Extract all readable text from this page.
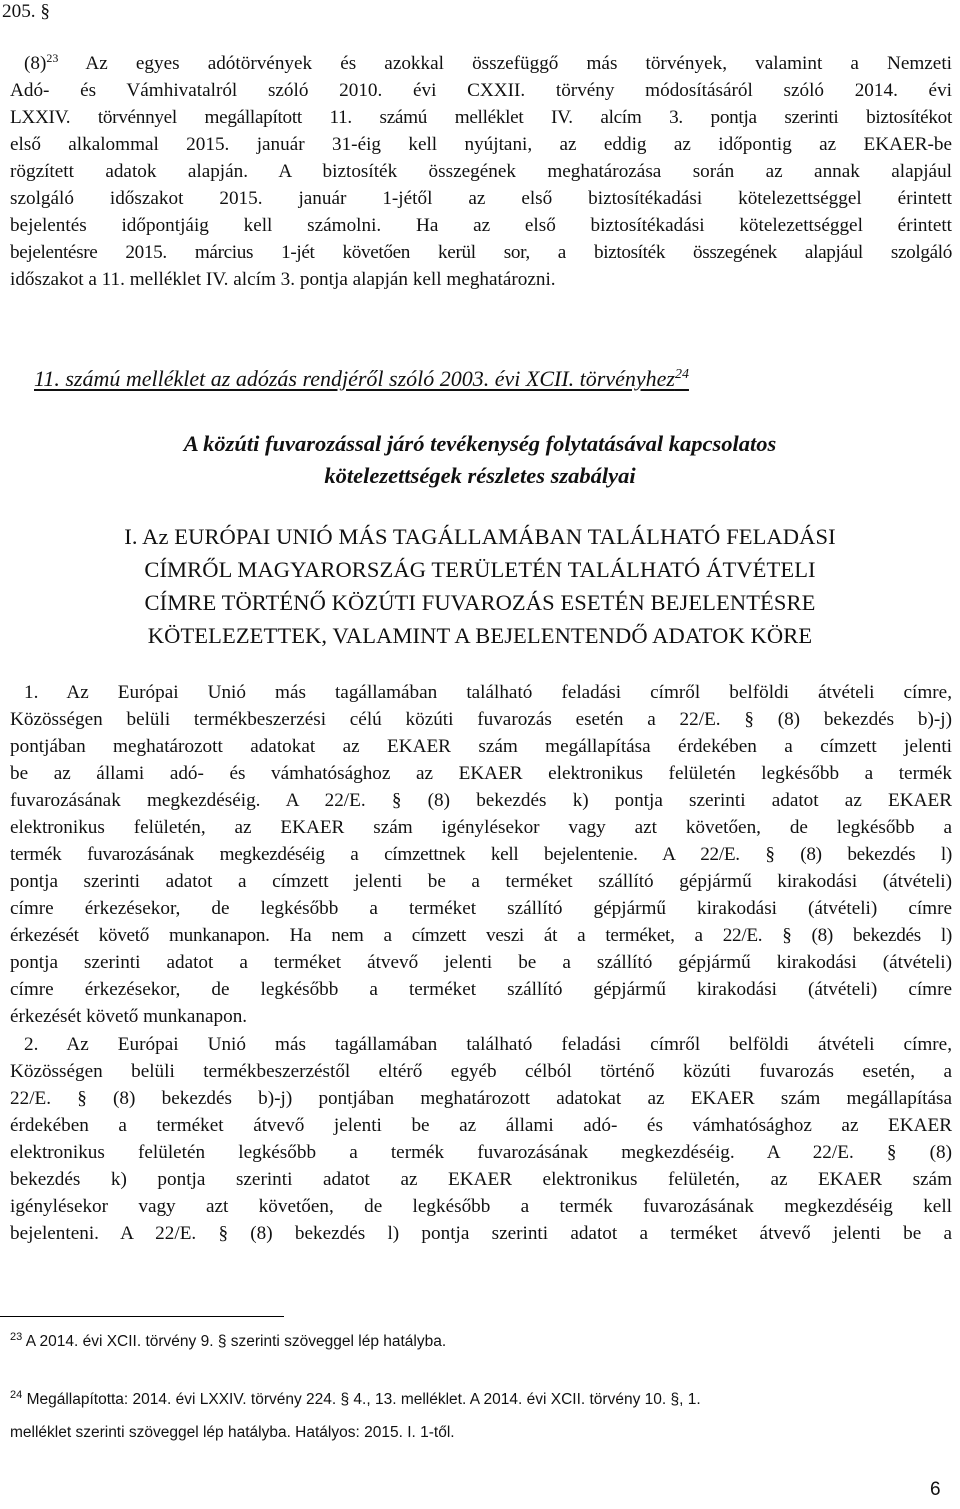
205. §
$(8)^{23}$ Az egyes adótörvények és azokkal összefüggő más törvények, valamint a Nemzeti
Adó- és Vámhivatalról szóló 2010. évi CXXII. törvény módosításáról szóló 2014. évi
LXXIV. törvénnyel megállapított 11. számú melléklet IV. alcím 3. pontja szerinti biztosítékot
első alkalommal 2015. január 31-éig kell nyújtani, az eddig az időpontig az EKAER-be
rögzített adatok alapján. A biztosíték összegének meghatározása során az annak alapjául
szolgáló időszakot 2015. január 1-jétől az első biztosítékadási kötelezettséggel érintett
bejelentés időpontjáig kell számolni. Ha az első biztosítékadási kötelezettséggel érintett
bejelentésre 2015. március 1-jét követően kerül sor, a biztosíték összegének alapjául szolgáló
időszakot a 11. melléklet IV. alcím 3. pontja alapján kell meghatározni.
11. számú melléklet az adózás rendjéről szóló 2003. évi XCII. törvényhez$^{24}$
A közúti fuvarozással járó tevékenység folytatásával kapcsolatos
kötelezettségek részletes szabályai
I. Az EURÓPAI UNIÓ MÁS TAGÁLLAMÁBAN TALÁLHATÓ FELADÁSI
CÍMRŐL MAGYARORSZÁG TERÜLETÉN TALÁLHATÓ ÁTVÉTELI
CÍMRE TÖRTÉNŐ KÖZÚTI FUVAROZÁS ESETÉN BEJELENTÉSRE
KÖTELEZETTEK, VALAMINT A BEJELENTENDŐ ADATOK KÖRE
1. Az Európai Unió más tagállamában található feladási címről belföldi átvételi címre,
Közösségen belüli termékbeszerzési célú közúti fuvarozás esetén a 22/E. § (8) bekezdés b)-j)
pontjában meghatározott adatokat az EKAER szám megállapítása érdekében a címzett jelenti
be az állami adó- és vámhatósághoz az EKAER elektronikus felületén legkésőbb a termék
fuvarozásának megkezdéséig. A 22/E. § (8) bekezdés k) pontja szerinti adatot az EKAER
elektronikus felületén, az EKAER szám igénylésekor vagy azt követően, de legkésőbb a
termék fuvarozásának megkezdéséig a címzettnek kell bejelentenie. A 22/E. § (8) bekezdés l)
pontja szerinti adatot a címzett jelenti be a terméket szállító gépjármű kirakodási (átvételi)
címre érkezésekor, de legkésőbb a terméket szállító gépjármű kirakodási (átvételi) címre
érkezését követő munkanapon. Ha nem a címzett veszi át a terméket, a 22/E. § (8) bekezdés l)
pontja szerinti adatot a terméket átvevő jelenti be a szállító gépjármű kirakodási (átvételi)
címre érkezésekor, de legkésőbb a terméket szállító gépjármű kirakodási (átvételi) címre
érkezését követő munkanapon.
2. Az Európai Unió más tagállamában található feladási címről belföldi átvételi címre,
Közösségen belüli termékbeszerzéstől eltérő egyéb célból történő közúti fuvarozás esetén, a
22/E. § (8) bekezdés b)-j) pontjában meghatározott adatokat az EKAER szám megállapítása
érdekében a terméket átvevő jelenti be az állami adó- és vámhatósághoz az EKAER
elektronikus felületén legkésőbb a termék fuvarozásának megkezdéséig. A 22/E. § (8)
bekezdés k) pontja szerinti adatot az EKAER elektronikus felületén, az EKAER szám
igénylésekor vagy azt követően, de legkésőbb a termék fuvarozásának megkezdéséig kell
bejelenteni. A 22/E. § (8) bekezdés l) pontja szerinti adatot a terméket átvevő jelenti be a
$^{23}$ A 2014. évi XCII. törvény 9. § szerinti szöveggel lép hatályba.
$^{24}$ Megállapította: 2014. évi LXXIV. törvény 224. § 4., 13. melléklet. A 2014. évi XCII. törvény 10. §, 1.
melléklet szerinti szöveggel lép hatályba. Hatályos: 2015. I. 1-től.
6
